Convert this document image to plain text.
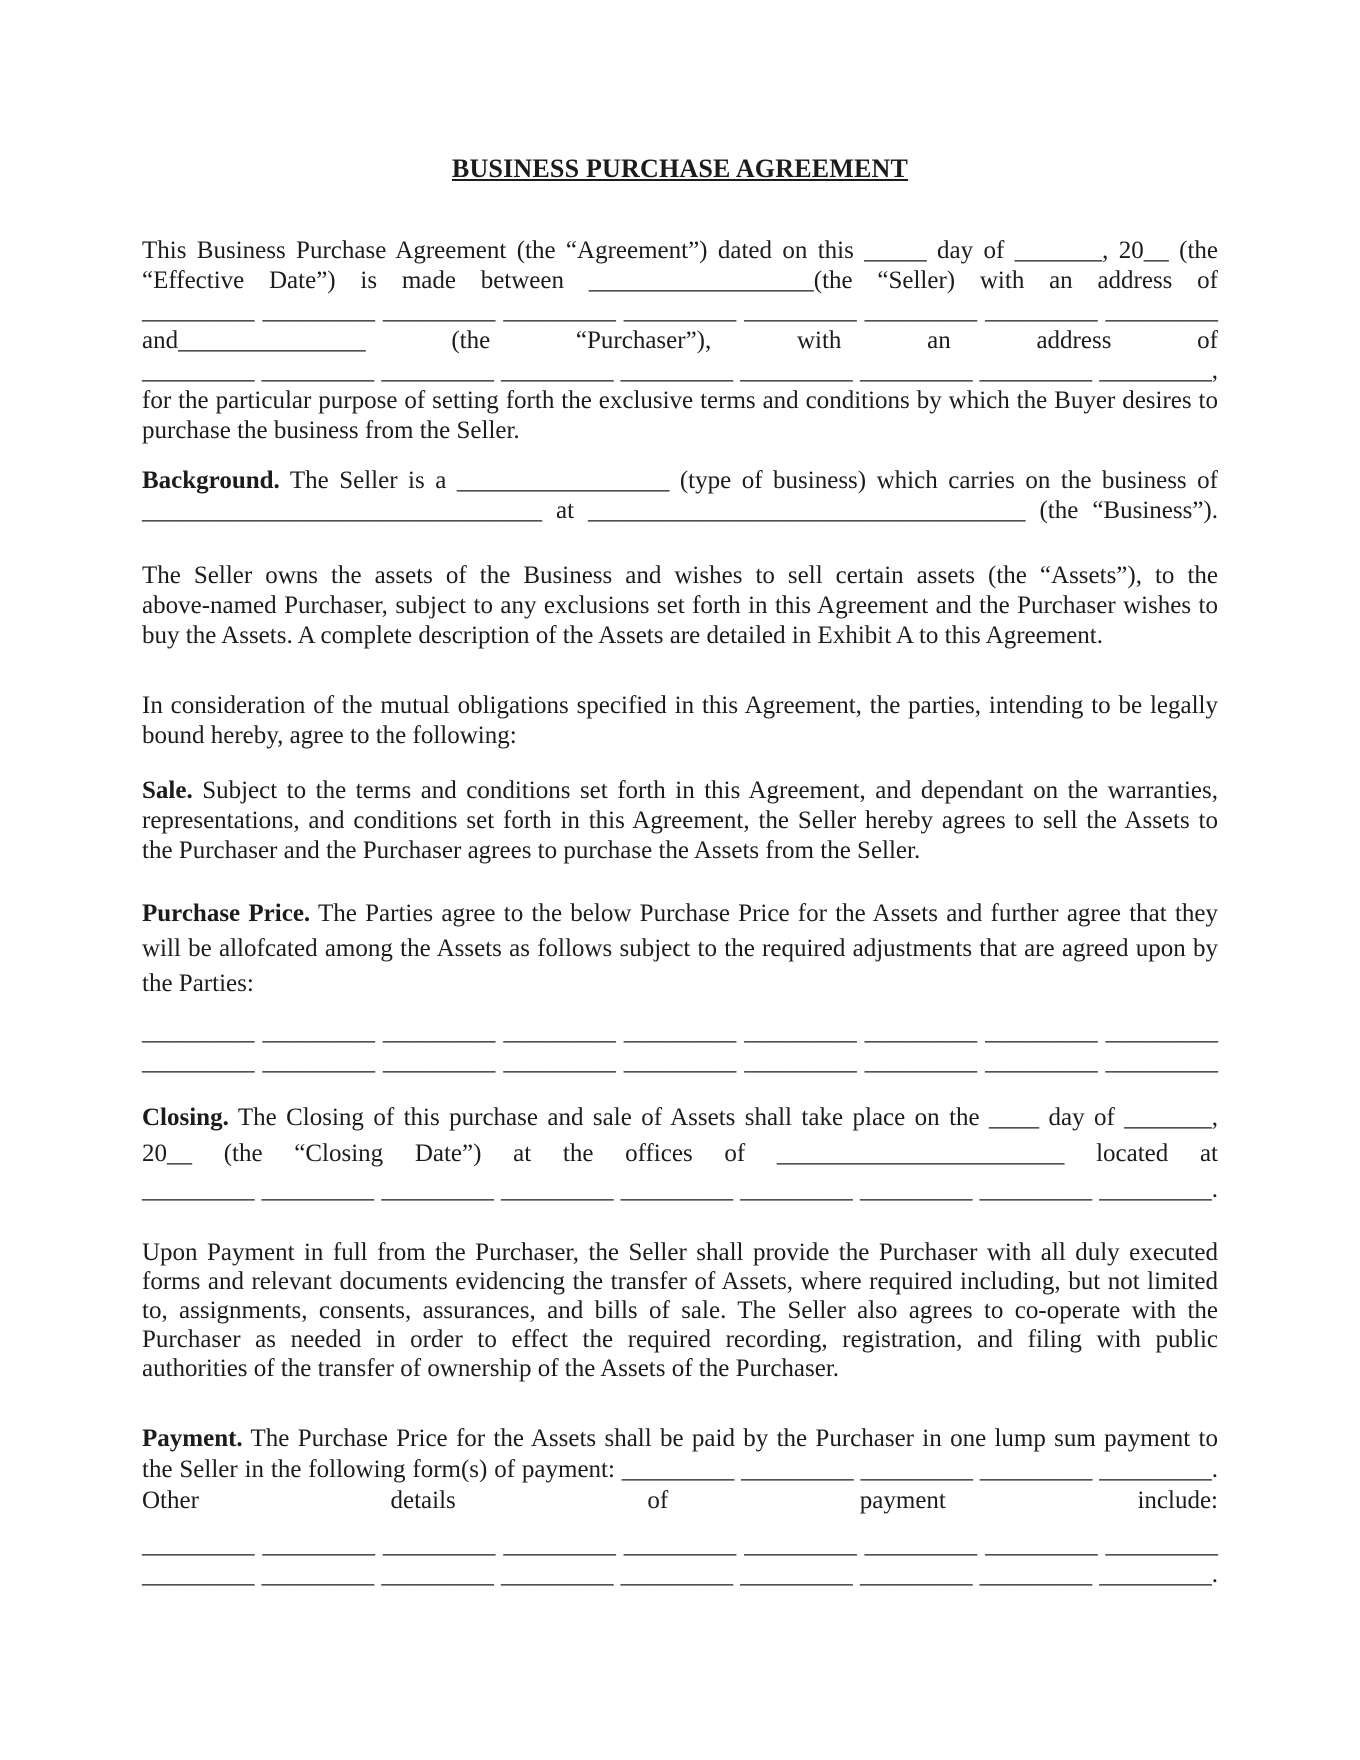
BUSINESS PURCHASE AGREEMENT
This Business Purchase Agreement (the “Agreement”) dated on this _____ day of _______, 20__ (the
“Effective Date”) is made between __________________(the “Seller) with an address of
_________ _________ _________ _________ _________ _________ _________ _________ _________
and_______________ (the “Purchaser”), with an address of
_________ _________ _________ _________ _________ _________ _________ _________ _________,
for the particular purpose of setting forth the exclusive terms and conditions by which the Buyer desires to
purchase the business from the Seller.
Background. The Seller is a _________________ (type of business) which carries on the business of
________________________________ at ___________________________________ (the “Business”).
The Seller owns the assets of the Business and wishes to sell certain assets (the “Assets”), to the
above-named Purchaser, subject to any exclusions set forth in this Agreement and the Purchaser wishes to
buy the Assets. A complete description of the Assets are detailed in Exhibit A to this Agreement.
In consideration of the mutual obligations specified in this Agreement, the parties, intending to be legally
bound hereby, agree to the following:
Sale. Subject to the terms and conditions set forth in this Agreement, and dependant on the warranties,
representations, and conditions set forth in this Agreement, the Seller hereby agrees to sell the Assets to
the Purchaser and the Purchaser agrees to purchase the Assets from the Seller.
Purchase Price. The Parties agree to the below Purchase Price for the Assets and further agree that they
will be allofcated among the Assets as follows subject to the required adjustments that are agreed upon by
the Parties:
_________ _________ _________ _________ _________ _________ _________ _________ _________
_________ _________ _________ _________ _________ _________ _________ _________ _________
Closing. The Closing of this purchase and sale of Assets shall take place on the ____ day of _______,
20__ (the “Closing Date”) at the offices of _______________________ located at
_________ _________ _________ _________ _________ _________ _________ _________ _________.
Upon Payment in full from the Purchaser, the Seller shall provide the Purchaser with all duly executed
forms and relevant documents evidencing the transfer of Assets, where required including, but not limited
to, assignments, consents, assurances, and bills of sale. The Seller also agrees to co-operate with the
Purchaser as needed in order to effect the required recording, registration, and filing with public
authorities of the transfer of ownership of the Assets of the Purchaser.
Payment. The Purchase Price for the Assets shall be paid by the Purchaser in one lump sum payment to
the Seller in the following form(s) of payment: _________ _________ _________ _________ _________.
Other details of payment include:
_________ _________ _________ _________ _________ _________ _________ _________ _________
_________ _________ _________ _________ _________ _________ _________ _________ _________.
